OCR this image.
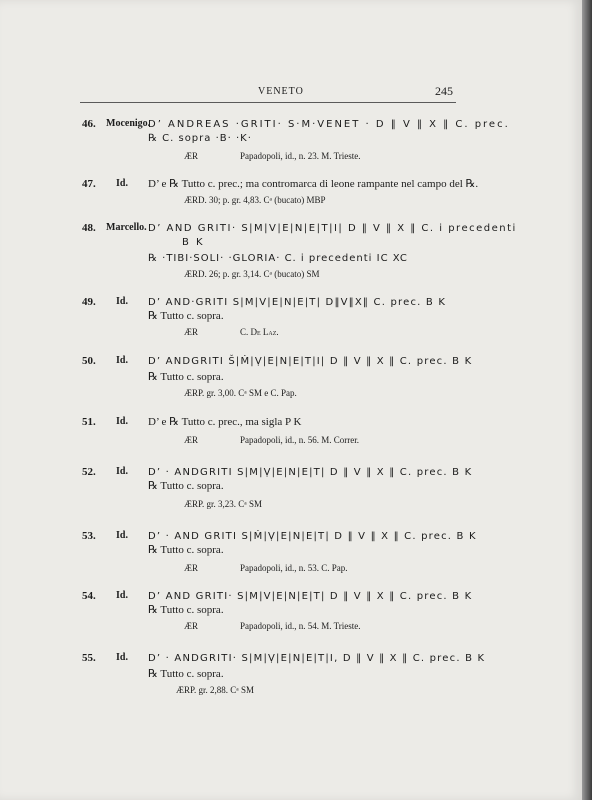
VENETO	245
46. Mocenigo.
D’ ANDREAS ·GRITI· S·M·VENET · D ‖ V ‖ X ‖ C. prec.
℞ C. sopra ·B· ·K·
ÆR	Papadopoli, id., n. 23. M. Trieste.
47. Id. D’ e ℞ Tutto c. prec.; ma contromarca di leone rampante nel campo del ℞.
ÆR D. 30; p. gr. 4,83. Cᵃ (bucato) MBP
48. Marcello. D’ AND GRITI· S|M|V|E|N|E|T|I| D ‖ V ‖ X ‖ C. i precedenti
B K
℞ ·TIBI·SOLI· ·GLORIA· C. i precedenti IC XC
ÆR D. 26; p. gr. 3,14. Cᵃ (bucato) SM
49. Id. D’ AND·GRITI S|M|V|E|N|E|T| D‖V‖X‖ C. prec. B K
℞ Tutto c. sopra.
ÆR	C. De Laz.
50. Id. D’ ANDGRITI Š|Ṁ|Ṿ|E|N|E|T|I| D ‖ V ‖ X ‖ C. prec. B K
℞ Tutto c. sopra.
ÆR P. gr. 3,00. Cᵃ SM e C. Pap.
51. Id. D’ e ℞ Tutto c. prec., ma sigla P K
ÆR	Papadopoli, id., n. 56. M. Correr.
52. Id. D’ · ANDGRITI S|M|Ṿ|E|N|E|T| D ‖ V ‖ X ‖ C. prec. B K
℞ Tutto c. sopra.
ÆR P. gr. 3,23. Cᵃ SM
53. Id. D’ · AND GRITI S|Ṁ|Ṿ|E|N|E|T| D ‖ V ‖ X ‖ C. prec. B K
℞ Tutto c. sopra.
ÆR	Papadopoli, id., n. 53. C. Pap.
54. Id. D’ AND GRITI· S|M|V|E|N|E|T| D ‖ V ‖ X ‖ C. prec. B K
℞ Tutto c. sopra.
ÆR	Papadopoli, id., n. 54. M. Trieste.
55. Id. D’ · ANDGRITI· S|M|Ṿ|E|N|E|T|I, D ‖ V ‖ X ‖ C. prec. B K
℞ Tutto c. sopra.
ÆR P. gr. 2,88. Cᵃ SM
